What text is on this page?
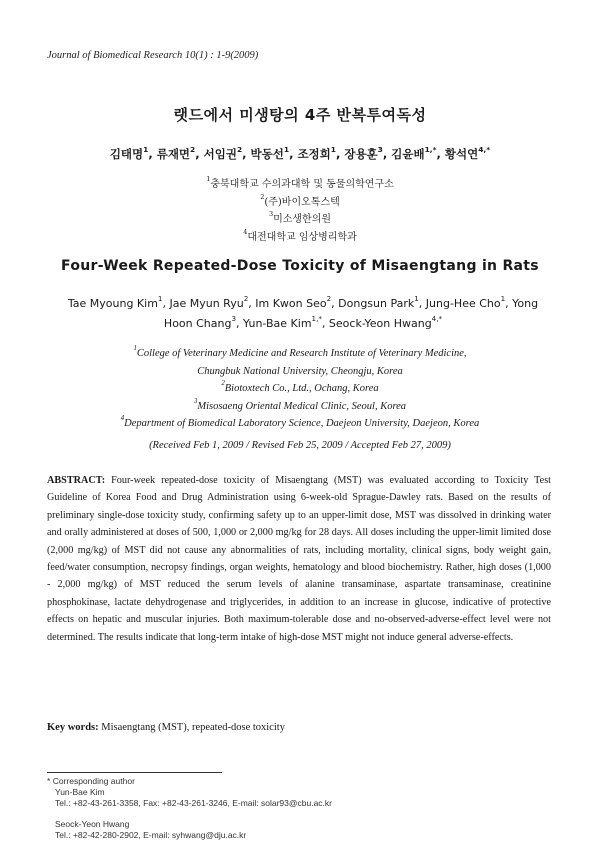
Journal of Biomedical Research 10(1) : 1-9(2009)
랫드에서 미생탕의 4주 반복투여독성
김태명$^1$, 류재면$^2$, 서임권$^2$, 박동선$^1$, 조정희$^1$, 장용훈$^3$, 김윤배$^{1,*}$, 황석연$^{4,*}$
$^1$충북대학교 수의과대학 및 동물의학연구소
$^2$(주)바이오톡스텍
$^3$미소생한의원
$^4$대전대학교 임상병리학과
Four-Week Repeated-Dose Toxicity of Misaengtang in Rats
Tae Myoung Kim$^1$, Jae Myun Ryu$^2$, Im Kwon Seo$^2$, Dongsun Park$^1$, Jung-Hee Cho$^1$, Yong Hoon Chang$^3$, Yun-Bae Kim$^{1,*}$, Seock-Yeon Hwang$^{4,*}$
$^1$College of Veterinary Medicine and Research Institute of Veterinary Medicine,
Chungbuk National University, Cheongju, Korea
$^2$Biotoxtech Co., Ltd., Ochang, Korea
$^3$Misosaeng Oriental Medical Clinic, Seoul, Korea
$^4$Department of Biomedical Laboratory Science, Daejeon University, Daejeon, Korea
(Received Feb 1, 2009 / Revised Feb 25, 2009 / Accepted Feb 27, 2009)
ABSTRACT: Four-week repeated-dose toxicity of Misaengtang (MST) was evaluated according to Toxicity Test Guideline of Korea Food and Drug Administration using 6-week-old Sprague-Dawley rats. Based on the results of preliminary single-dose toxicity study, confirming safety up to an upper-limit dose, MST was dissolved in drinking water and orally administered at doses of 500, 1,000 or 2,000 mg/kg for 28 days. All doses including the upper-limit limited dose (2,000 mg/kg) of MST did not cause any abnormalities of rats, including mortality, clinical signs, body weight gain, feed/water consumption, necropsy findings, organ weights, hematology and blood biochemistry. Rather, high doses (1,000 - 2,000 mg/kg) of MST reduced the serum levels of alanine transaminase, aspartate transaminase, creatinine phosphokinase, lactate dehydrogenase and triglycerides, in addition to an increase in glucose, indicative of protective effects on hepatic and muscular injuries. Both maximum-tolerable dose and no-observed-adverse-effect level were not determined. The results indicate that long-term intake of high-dose MST might not induce general adverse-effects.
Key words: Misaengtang (MST), repeated-dose toxicity
* Corresponding author
Yun-Bae Kim
Tel.: +82-43-261-3358, Fax: +82-43-261-3246, E-mail: solar93@cbu.ac.kr
Seock-Yeon Hwang
Tel.: +82-42-280-2902, E-mail: syhwang@dju.ac.kr
